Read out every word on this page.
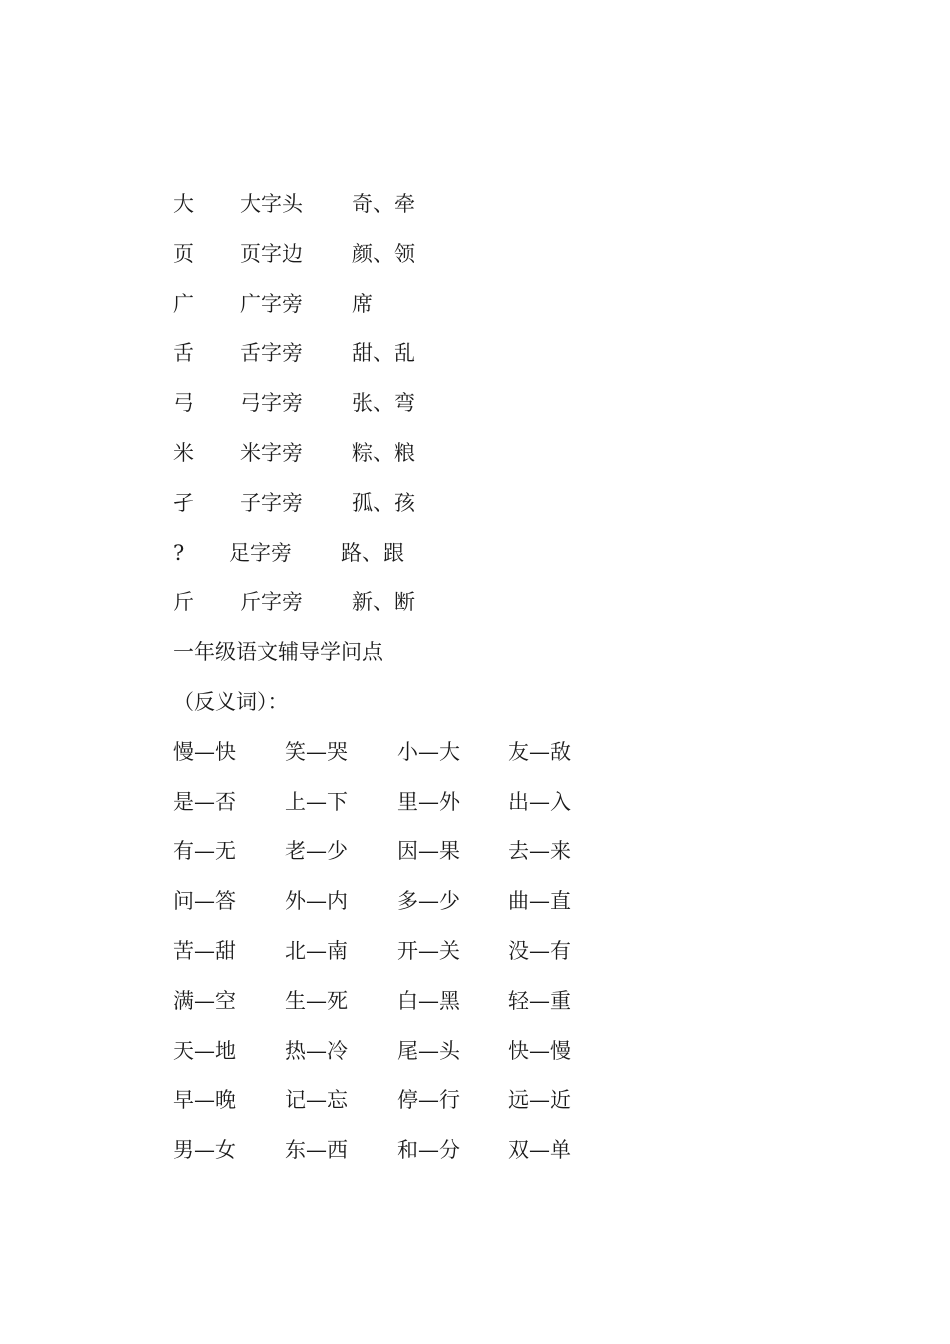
大 大字头 奇、牵
页 页字边 颜、领
广 广字旁 席
舌 舌字旁 甜、乱
弓 弓字旁 张、弯
米 米字旁 粽、粮
孑 子字旁 孤、孩
? 足字旁 路、跟
斤 斤字旁 新、断
一年级语文辅导学问点
（反义词）：
慢—快 笑—哭 小—大 友—敌
是—否 上—下 里—外 出—入
有—无 老—少 因—果 去—来
问—答 外—内 多—少 曲—直
苦—甜 北—南 开—关 没—有
满—空 生—死 白—黑 轻—重
天—地 热—冷 尾—头 快—慢
早—晚 记—忘 停—行 远—近
男—女 东—西 和—分 双—单
